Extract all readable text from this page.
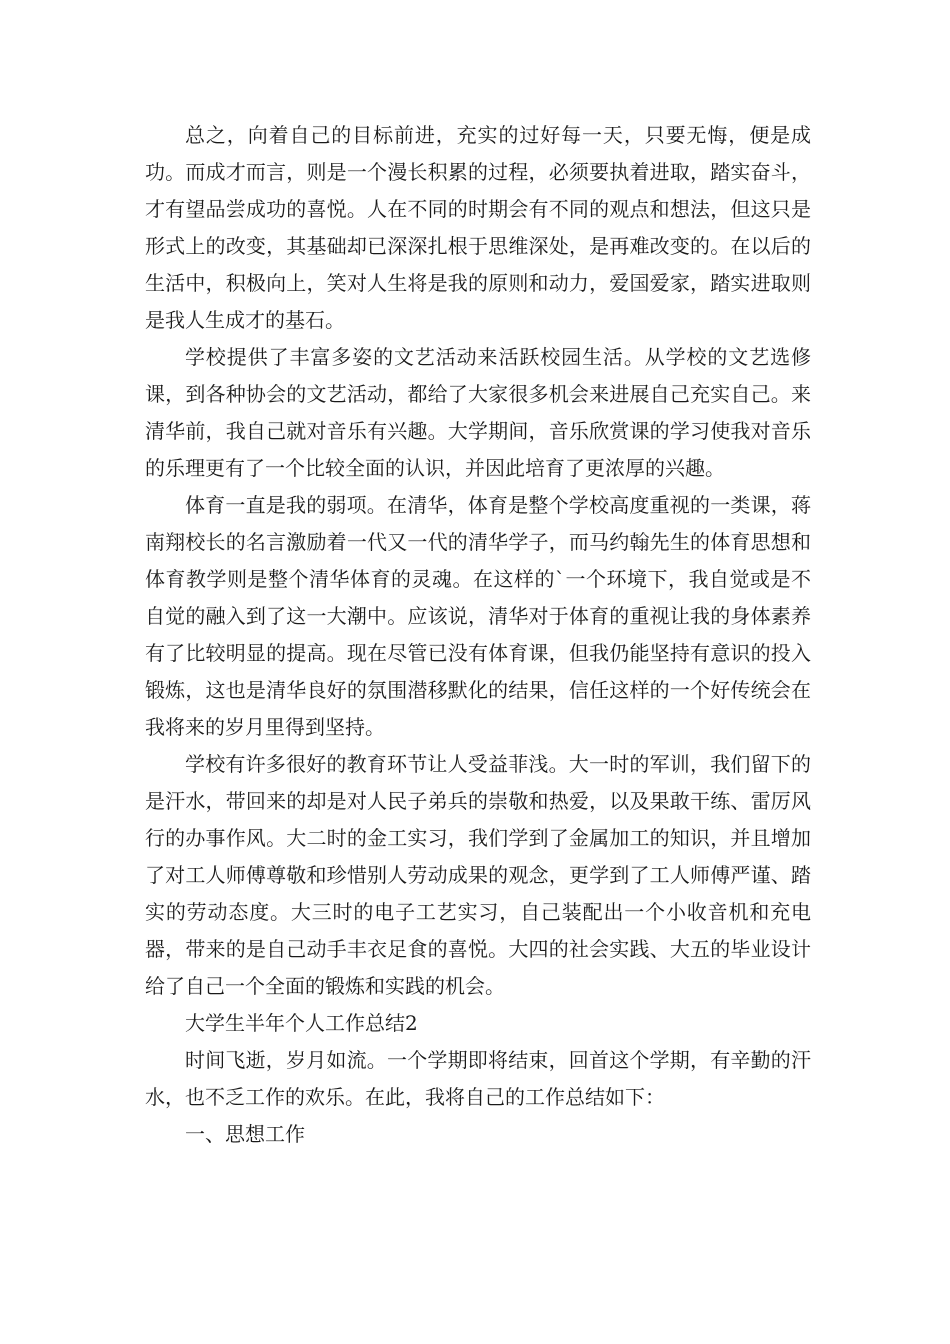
总之，向着自己的目标前进，充实的过好每一天，只要无悔，便是成功。而成才而言，则是一个漫长积累的过程，必须要执着进取，踏实奋斗，才有望品尝成功的喜悦。人在不同的时期会有不同的观点和想法，但这只是形式上的改变，其基础却已深深扎根于思维深处，是再难改变的。在以后的生活中，积极向上，笑对人生将是我的原则和动力，爱国爱家，踏实进取则是我人生成才的基石。

学校提供了丰富多姿的文艺活动来活跃校园生活。从学校的文艺选修课，到各种协会的文艺活动，都给了大家很多机会来进展自己充实自己。来清华前，我自己就对音乐有兴趣。大学期间，音乐欣赏课的学习使我对音乐的乐理更有了一个比较全面的认识，并因此培育了更浓厚的兴趣。

体育一直是我的弱项。在清华，体育是整个学校高度重视的一类课，蒋南翔校长的名言激励着一代又一代的清华学子，而马约翰先生的体育思想和体育教学则是整个清华体育的灵魂。在这样的`一个环境下，我自觉或是不自觉的融入到了这一大潮中。应该说，清华对于体育的重视让我的身体素养有了比较明显的提高。现在尽管已没有体育课，但我仍能坚持有意识的投入锻炼，这也是清华良好的氛围潜移默化的结果，信任这样的一个好传统会在我将来的岁月里得到坚持。

学校有许多很好的教育环节让人受益菲浅。大一时的军训，我们留下的是汗水，带回来的却是对人民子弟兵的崇敬和热爱，以及果敢干练、雷厉风行的办事作风。大二时的金工实习，我们学到了金属加工的知识，并且增加了对工人师傅尊敬和珍惜别人劳动成果的观念，更学到了工人师傅严谨、踏实的劳动态度。大三时的电子工艺实习，自己装配出一个小收音机和充电器，带来的是自己动手丰衣足食的喜悦。大四的社会实践、大五的毕业设计给了自己一个全面的锻炼和实践的机会。

大学生半年个人工作总结2

时间飞逝，岁月如流。一个学期即将结束，回首这个学期，有辛勤的汗水，也不乏工作的欢乐。在此，我将自己的工作总结如下：

一、思想工作
